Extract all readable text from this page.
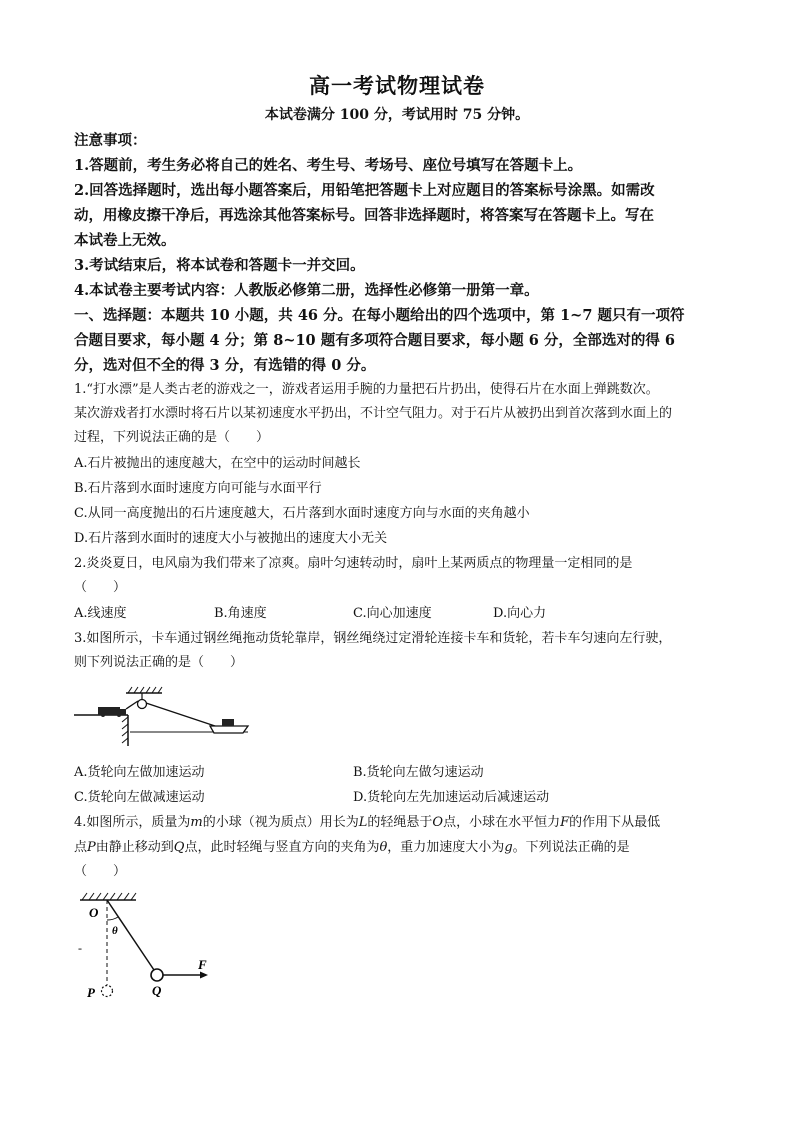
高一考试物理试卷
本试卷满分 100 分，考试用时 75 分钟。
注意事项：
1.答题前，考生务必将自己的姓名、考生号、考场号、座位号填写在答题卡上。
2.回答选择题时，选出每小题答案后，用铅笔把答题卡上对应题目的答案标号涂黑。如需改
动，用橡皮擦干净后，再选涂其他答案标号。回答非选择题时，将答案写在答题卡上。写在
本试卷上无效。
3.考试结束后，将本试卷和答题卡一并交回。
4.本试卷主要考试内容：人教版必修第二册，选择性必修第一册第一章。
一、选择题：本题共 10 小题，共 46 分。在每小题给出的四个选项中，第 1~7 题只有一项符
合题目要求，每小题 4 分；第 8~10 题有多项符合题目要求，每小题 6 分，全部选对的得 6
分，选对但不全的得 3 分，有选错的得 0 分。
1.“打水漂”是人类古老的游戏之一，游戏者运用手腕的力量把石片扔出，使得石片在水面上弹跳数次。
某次游戏者打水漂时将石片以某初速度水平扔出，不计空气阻力。对于石片从被扔出到首次落到水面上的
过程，下列说法正确的是（　　）
A.石片被抛出的速度越大，在空中的运动时间越长
B.石片落到水面时速度方向可能与水面平行
C.从同一高度抛出的石片速度越大，石片落到水面时速度方向与水面的夹角越小
D.石片落到水面时的速度大小与被抛出的速度大小无关
2.炎炎夏日，电风扇为我们带来了凉爽。扇叶匀速转动时，扇叶上某两质点的物理量一定相同的是
（　　）
A.线速度	B.角速度	C.向心加速度	D.向心力
3.如图所示，卡车通过钢丝绳拖动货轮靠岸，钢丝绳绕过定滑轮连接卡车和货轮，若卡车匀速向左行驶，
则下列说法正确的是（　　）
A.货轮向左做加速运动	B.货轮向左做匀速运动
C.货轮向左做减速运动	D.货轮向左先加速运动后减速运动
4.如图所示，质量为m的小球（视为质点）用长为L的轻绳悬于O点，小球在水平恒力F的作用下从最低
点P由静止移动到Q点，此时轻绳与竖直方向的夹角为θ，重力加速度大小为g。下列说法正确的是
（　　）
O
θ
F
P	Q
-
